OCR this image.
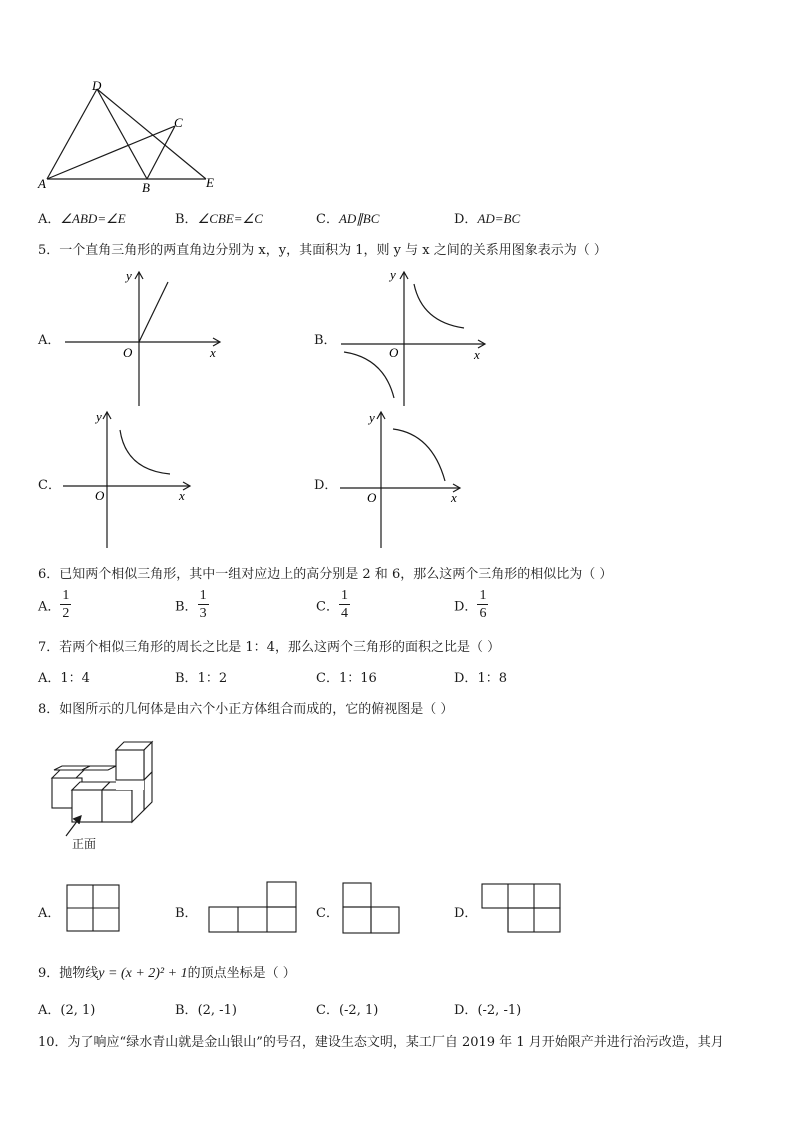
D
C
A	B	E
A．∠ABD=∠E	B．∠CBE=∠C	C．AD∥BC	D．AD=BC
5．一个直角三角形的两直角边分别为 x，y，其面积为 1，则 y 与 x 之间的关系用图象表示为（ ）
A．
y
x
O
B．
y
x
O
C．
y
x
O
D．
y
x
O
6．已知两个相似三角形，其中一组对应边上的高分别是 2 和 6，那么这两个三角形的相似比为（ ）
A． $\frac{1}{2}$	B． $\frac{1}{3}$	C． $\frac{1}{4}$	D． $\frac{1}{6}$
7．若两个相似三角形的周长之比是 1：4，那么这两个三角形的面积之比是（ ）
A．1：4	B．1：2	C．1：16	D．1：8
8．如图所示的几何体是由六个小正方体组合而成的，它的俯视图是（ ）
正面
A．	B．	C．	D．
9．抛物线y = (x + 2)² + 1的顶点坐标是（ ）
A．(2, 1)	B．(2, -1)	C．(-2, 1)	D．(-2, -1)
10．为了响应“绿水青山就是金山银山”的号召，建设生态文明，某工厂自 2019 年 1 月开始限产并进行治污改造，其月
